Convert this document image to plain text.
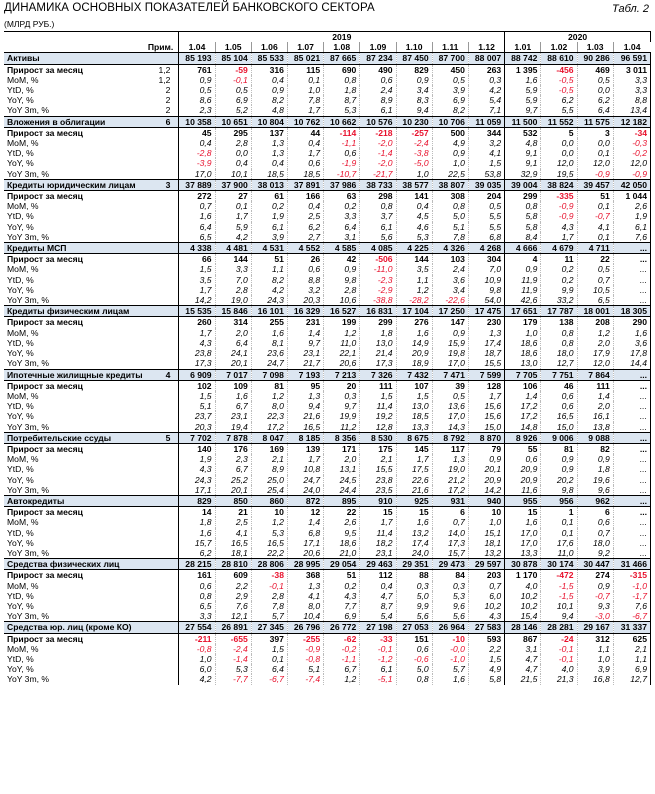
ДИНАМИКА ОСНОВНЫХ ПОКАЗАТЕЛЕЙ БАНКОВСКОГО СЕКТОРА
(МЛРД РУБ.)
Табл. 2
		2019									2020			
	Прим.	1.04	1.05	1.06	1.07	1.08	1.09	1.10	1.11	1.12	1.01	1.02	1.03	1.04
Активы		85 193	85 104	85 533	85 021	87 665	87 234	87 450	87 700	88 007	88 742	88 610	90 286	96 591
Прирост за месяц	1,2	761	-59	316	115	690	490	829	450	263	1 395	-456	469	3 011
MoM, %	1,2	0,9	-0,1	0,4	0,1	0,8	0,6	0,9	0,5	0,3	1,6	-0,5	0,5	3,3
YtD, %	2	0,5	0,5	0,9	1,0	1,8	2,4	3,4	3,9	4,2	5,9	-0,5	0,0	3,3
YoY, %	2	8,6	6,9	8,2	7,8	8,7	8,9	8,3	6,9	5,4	5,9	6,2	6,2	8,8
YoY 3m, %	2	2,3	5,2	4,8	1,7	5,3	6,1	9,4	8,2	7,1	9,7	5,5	6,4	13,4
Вложения в облигации	6	10 358	10 651	10 804	10 762	10 662	10 576	10 230	10 706	11 059	11 500	11 552	11 575	12 182
Прирост за месяц		45	295	137	44	-114	-218	-257	500	344	532	5	3	-34
MoM, %		0,4	2,8	1,3	0,4	-1,1	-2,0	-2,4	4,9	3,2	4,8	0,0	0,0	-0,3
YtD, %		-2,8	0,0	1,3	1,7	0,6	-1,4	-3,8	0,9	4,1	9,1	0,0	0,1	-0,2
YoY, %		-3,9	0,4	0,4	0,6	-1,9	-2,0	-5,0	1,0	1,5	9,1	12,0	12,0	12,0
YoY 3m, %		17,0	10,1	18,5	18,5	-10,7	-21,7	1,0	22,5	53,8	32,9	19,5	-0,9	-0,9
Кредиты юридическим лицам	3	37 889	37 900	38 013	37 891	37 986	38 733	38 577	38 807	39 035	39 004	38 824	39 457	42 050
Прирост за месяц		272	27	61	166	63	298	141	308	204	299	-335	51	1 044
MoM, %		0,7	0,1	0,2	0,4	0,2	0,8	0,4	0,8	0,5	0,8	-0,9	0,1	2,6
YtD, %		1,6	1,7	1,9	2,5	3,3	3,7	4,5	5,0	5,5	5,8	-0,9	-0,7	1,9
YoY, %		6,4	5,9	6,1	6,2	6,4	6,1	4,6	5,1	5,5	5,8	4,3	4,1	6,1
YoY 3m, %		6,5	4,2	3,9	2,7	3,1	5,6	5,3	7,8	6,8	8,4	1,7	0,1	7,6
Кредиты МСП		4 338	4 481	4 531	4 552	4 585	4 085	4 225	4 326	4 268	4 666	4 679	4 711	...
Прирост за месяц		66	144	51	26	42	-506	144	103	304	4	11	22	...
MoM, %		1,5	3,3	1,1	0,6	0,9	-11,0	3,5	2,4	7,0	0,9	0,2	0,5	...
YtD, %		3,5	7,0	8,2	8,8	9,8	-2,3	1,1	3,6	10,9	11,9	0,2	0,7	...
YoY, %		1,7	2,8	4,2	3,2	2,8	-2,9	1,2	3,4	9,8	11,9	9,9	10,5	...
YoY 3m, %		14,2	19,0	24,3	20,3	10,6	-38,8	-28,2	-22,6	54,0	42,6	33,2	6,5	...
Кредиты физическим лицам		15 535	15 846	16 101	16 329	16 527	16 831	17 104	17 250	17 475	17 651	17 787	18 001	18 305
Прирост за месяц		260	314	255	231	199	299	276	147	230	179	138	208	290
MoM, %		1,7	2,0	1,6	1,4	1,2	1,8	1,6	0,9	1,3	1,0	0,8	1,2	1,6
YtD, %		4,3	6,4	8,1	9,7	11,0	13,0	14,9	15,9	17,4	18,6	0,8	2,0	3,6
YoY, %		23,8	24,1	23,6	23,1	22,1	21,4	20,9	19,8	18,7	18,6	18,0	17,9	17,8
YoY 3m, %		17,3	20,1	24,7	21,7	20,6	17,3	18,9	17,0	15,5	13,0	12,7	12,0	14,4
Ипотечные жилищные кредиты	4	6 909	7 017	7 098	7 193	7 213	7 326	7 432	7 471	7 599	7 705	7 751	7 864	...
Прирост за месяц		102	109	81	95	20	111	107	39	128	106	46	111	...
MoM, %		1,5	1,6	1,2	1,3	0,3	1,5	1,5	0,5	1,7	1,4	0,6	1,4	...
YtD, %		5,1	6,7	8,0	9,4	9,7	11,4	13,0	13,6	15,6	17,2	0,6	2,0	...
YoY, %		23,7	23,1	22,3	21,6	19,9	19,2	18,5	17,0	15,6	17,2	16,5	16,1	...
YoY 3m, %		20,3	19,4	17,2	16,5	11,2	12,8	13,3	14,3	15,0	14,8	15,0	13,8	...
Потребительские ссуды	5	7 702	7 878	8 047	8 185	8 356	8 530	8 675	8 792	8 870	8 926	9 006	9 088	...
Прирост за месяц		140	176	169	139	171	175	145	117	79	55	81	82	...
MoM, %		1,9	2,3	2,1	1,7	2,0	2,1	1,7	1,3	0,9	0,6	0,9	0,9	...
YtD, %		4,3	6,7	8,9	10,8	13,1	15,5	17,5	19,0	20,1	20,9	0,9	1,8	...
YoY, %		24,3	25,2	25,0	24,7	24,5	23,8	22,6	21,2	20,9	20,9	20,2	19,6	...
YoY 3m, %		17,1	20,1	25,4	24,0	24,4	23,5	21,6	17,2	14,2	11,6	9,8	9,6	...
Автокредиты		829	850	860	872	895	910	925	931	940	955	956	962	...
Прирост за месяц		14	21	10	12	22	15	15	6	10	15	1	6	...
MoM, %		1,8	2,5	1,2	1,4	2,6	1,7	1,6	0,7	1,0	1,6	0,1	0,6	...
YtD, %		1,6	4,1	5,3	6,8	9,5	11,4	13,2	14,0	15,1	17,0	0,1	0,7	...
YoY, %		15,7	16,5	16,5	17,1	18,6	18,2	17,4	17,3	18,1	17,0	17,6	18,0	...
YoY 3m, %		6,2	18,1	22,2	20,6	21,0	23,1	24,0	15,7	13,2	13,3	11,0	9,2	...
Средства физических лиц		28 215	28 810	28 806	28 995	29 054	29 463	29 351	29 473	29 597	30 878	30 174	30 447	31 466
Прирост за месяц		161	609	-38	368	51	112	88	84	203	1 170	-472	274	-315
MoM, %		0,6	2,2	-0,1	1,3	0,2	0,4	0,3	0,3	0,7	4,0	-1,5	0,9	-1,0
YtD, %		0,8	2,9	2,8	4,1	4,3	4,7	5,0	5,3	6,0	10,2	-1,5	-0,7	-1,7
YoY, %		6,5	7,6	7,8	8,0	7,7	8,7	9,9	9,6	10,2	10,2	10,1	9,3	7,6
YoY 3m, %		3,3	12,1	5,7	10,4	6,9	5,4	5,6	5,6	4,3	15,4	9,4	-3,0	-6,7
Средства юр. лиц (кроме КО)		27 554	26 891	27 345	26 796	26 772	27 198	27 053	26 964	27 583	28 146	28 281	29 167	31 337
Прирост за месяц		-211	-655	397	-255	-62	-33	151	-10	593	867	-24	312	625
MoM, %		-0,8	-2,4	1,5	-0,9	-0,2	-0,1	0,6	-0,0	2,2	3,1	-0,1	1,1	2,1
YtD, %		1,0	-1,4	0,1	-0,8	-1,1	-1,2	-0,6	-1,0	1,5	4,7	-0,1	1,0	1,1
YoY, %		6,0	5,3	6,4	5,1	6,7	6,1	5,0	5,7	4,9	4,7	4,0	3,9	6,9
YoY 3m, %		4,2	-7,7	-6,7	-7,4	1,2	-5,1	0,8	1,6	5,8	21,5	21,3	16,8	12,7
